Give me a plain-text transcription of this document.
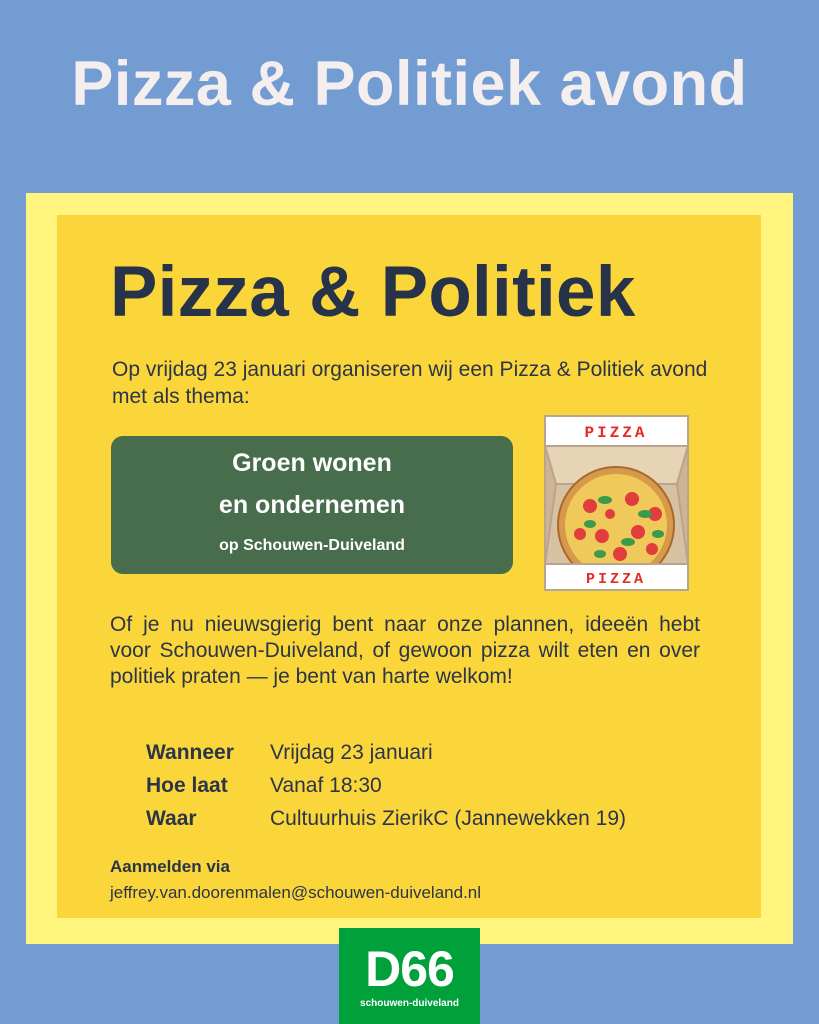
Pizza & Politiek avond
Pizza & Politiek
Op vrijdag 23 januari organiseren wij een Pizza & Politiek avond met als thema:
Groen wonen
en ondernemen
op Schouwen-Duiveland
PIZZA
PIZZA
Of je nu nieuwsgierig bent naar onze plannen, ideeën hebt voor Schouwen-Duiveland, of gewoon pizza wilt eten en over politiek praten — je bent van harte welkom!
Wanneer Vrijdag 23 januari
Hoe laat Vanaf 18:30
Waar	Cultuurhuis ZierikC (Jannewekken 19)
Aanmelden via
jeffrey.van.doorenmalen@schouwen-duiveland.nl
D66
schouwen-duiveland
